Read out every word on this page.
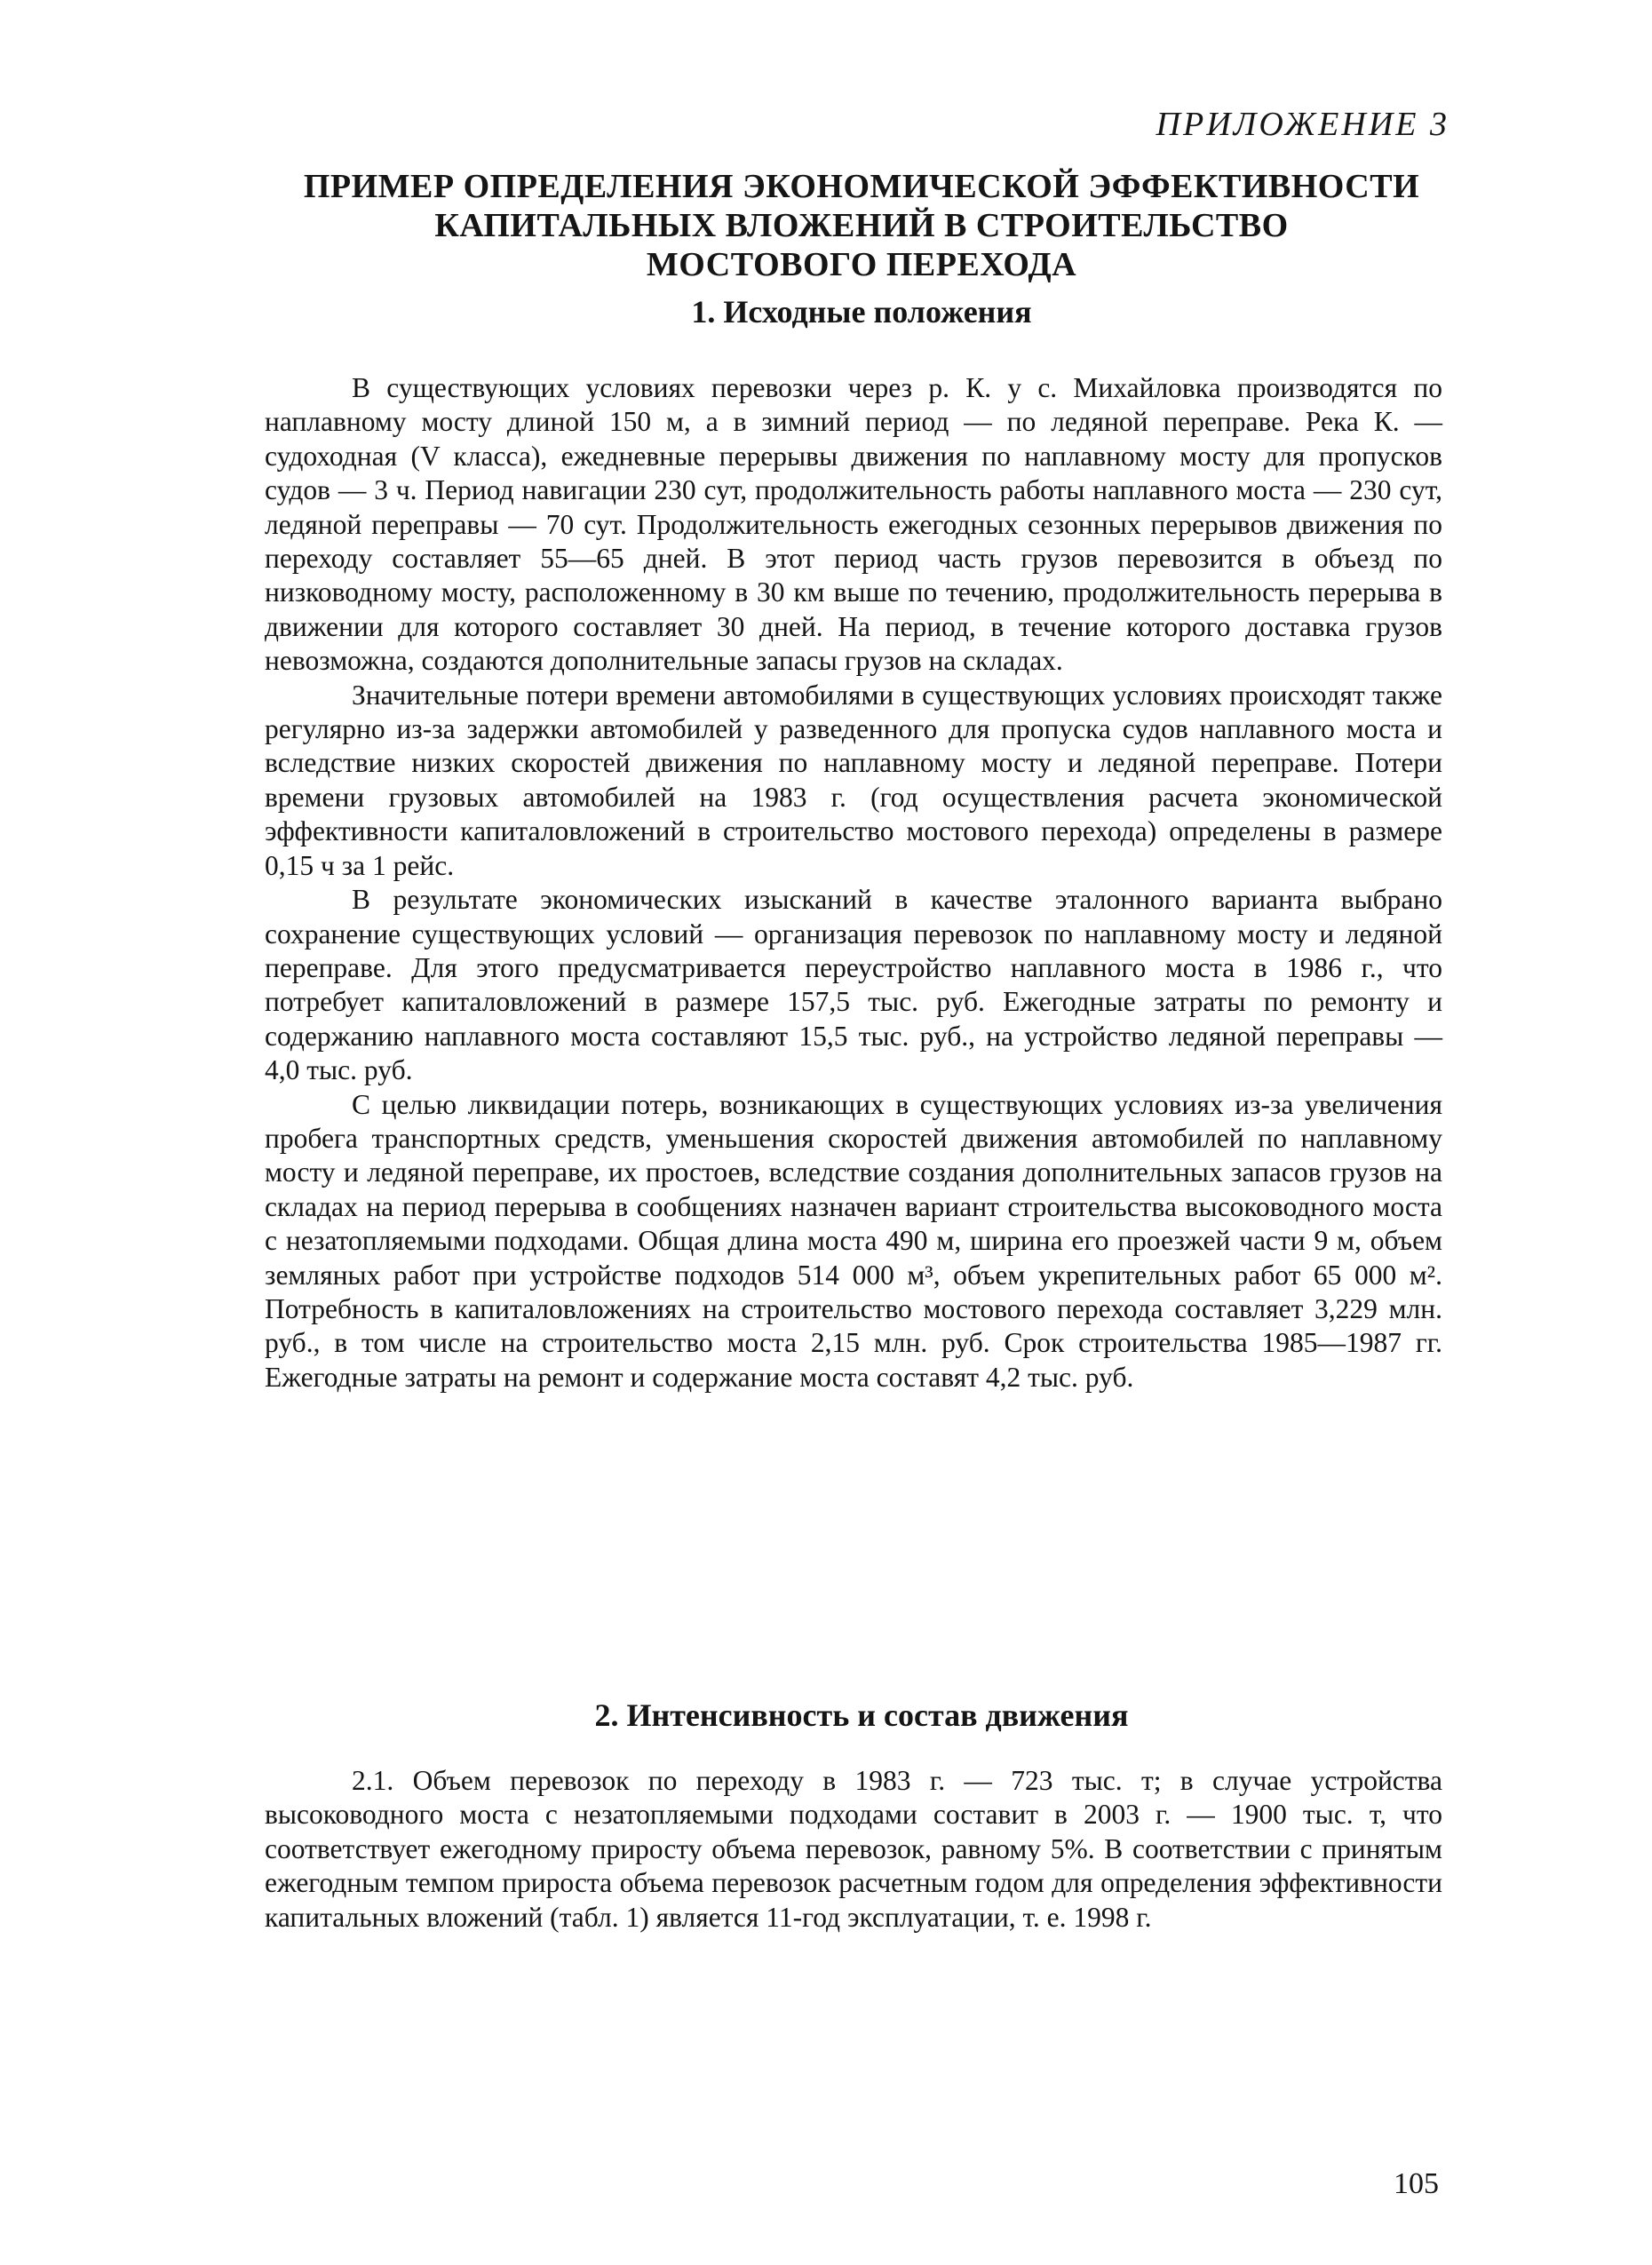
ПРИЛОЖЕНИЕ 3

ПРИМЕР ОПРЕДЕЛЕНИЯ ЭКОНОМИЧЕСКОЙ ЭФФЕКТИВНОСТИ
КАПИТАЛЬНЫХ ВЛОЖЕНИЙ В СТРОИТЕЛЬСТВО
МОСТОВОГО ПЕРЕХОДА
1. Исходные положения

В существующих условиях перевозки через р. К. у с. Михайловка производятся по наплавному мосту длиной 150 м, а в зимний период — по ледяной переправе. Река К. — судоходная (V класса), ежедневные перерывы движения по наплавному мосту для пропусков судов — 3 ч. Период навигации 230 сут, продолжительность работы наплавного моста — 230 сут, ледяной переправы — 70 сут. Продолжительность ежегодных сезонных перерывов движения по переходу составляет 55—65 дней. В этот период часть грузов перевозится в объезд по низководному мосту, расположенному в 30 км выше по течению, продолжительность перерыва в движении для которого составляет 30 дней. На период, в течение которого доставка грузов невозможна, создаются дополнительные запасы грузов на складах.

Значительные потери времени автомобилями в существующих условиях происходят также регулярно из-за задержки автомобилей у разведенного для пропуска судов наплавного моста и вследствие низких скоростей движения по наплавному мосту и ледяной переправе. Потери времени грузовых автомобилей на 1983 г. (год осуществления расчета экономической эффективности капиталовложений в строительство мостового перехода) определены в размере 0,15 ч за 1 рейс.

В результате экономических изысканий в качестве эталонного варианта выбрано сохранение существующих условий — организация перевозок по наплавному мосту и ледяной переправе. Для этого предусматривается переустройство наплавного моста в 1986 г., что потребует капиталовложений в размере 157,5 тыс. руб. Ежегодные затраты по ремонту и содержанию наплавного моста составляют 15,5 тыс. руб., на устройство ледяной переправы — 4,0 тыс. руб.

С целью ликвидации потерь, возникающих в существующих условиях из-за увеличения пробега транспортных средств, уменьшения скоростей движения автомобилей по наплавному мосту и ледяной переправе, их простоев, вследствие создания дополнительных запасов грузов на складах на период перерыва в сообщениях назначен вариант строительства высоководного моста с незатопляемыми подходами. Общая длина моста 490 м, ширина его проезжей части 9 м, объем земляных работ при устройстве подходов 514 000 м³, объем укрепительных работ 65 000 м². Потребность в капиталовложениях на строительство мостового перехода составляет 3,229 млн. руб., в том числе на строительство моста 2,15 млн. руб. Срок строительства 1985—1987 гг. Ежегодные затраты на ремонт и содержание моста составят 4,2 тыс. руб.

2. Интенсивность и состав движения

2.1. Объем перевозок по переходу в 1983 г. — 723 тыс. т; в случае устройства высоководного моста с незатопляемыми подходами составит в 2003 г. — 1900 тыс. т, что соответствует ежегодному приросту объема перевозок, равному 5%. В соответствии с принятым ежегодным темпом прироста объема перевозок расчетным годом для определения эффективности капитальных вложений (табл. 1) является 11-год эксплуатации, т. е. 1998 г.

105
